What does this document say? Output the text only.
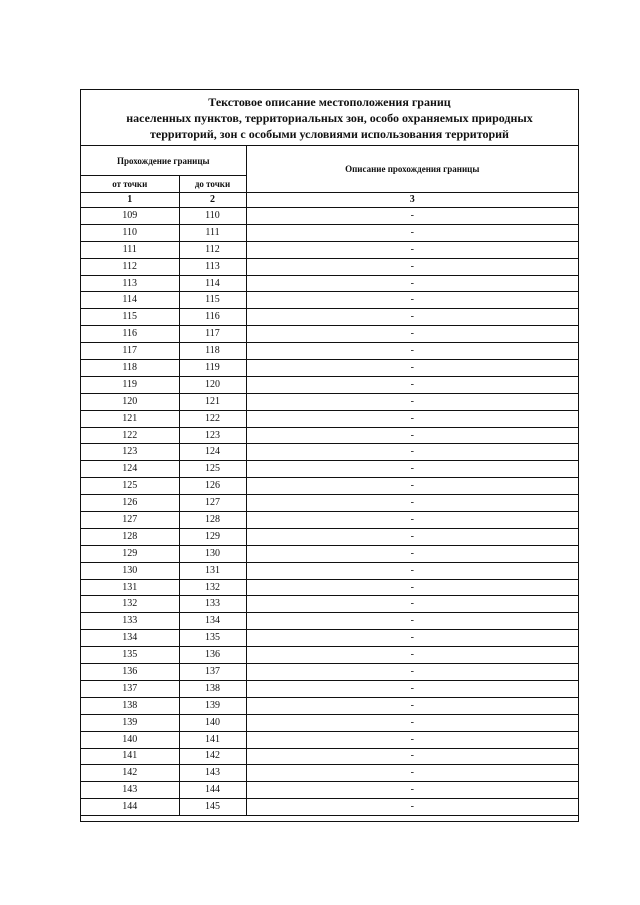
Текстовое описание местоположения границ
населенных пунктов, территориальных зон, особо охраняемых природных
территорий, зон с особыми условиями использования территорий
Прохождение границы		Описание прохождения границы
от точки	до точки	
1	2	3
109	110	-
110	111	-
111	112	-
112	113	-
113	114	-
114	115	-
115	116	-
116	117	-
117	118	-
118	119	-
119	120	-
120	121	-
121	122	-
122	123	-
123	124	-
124	125	-
125	126	-
126	127	-
127	128	-
128	129	-
129	130	-
130	131	-
131	132	-
132	133	-
133	134	-
134	135	-
135	136	-
136	137	-
137	138	-
138	139	-
139	140	-
140	141	-
141	142	-
142	143	-
143	144	-
144	145	-
